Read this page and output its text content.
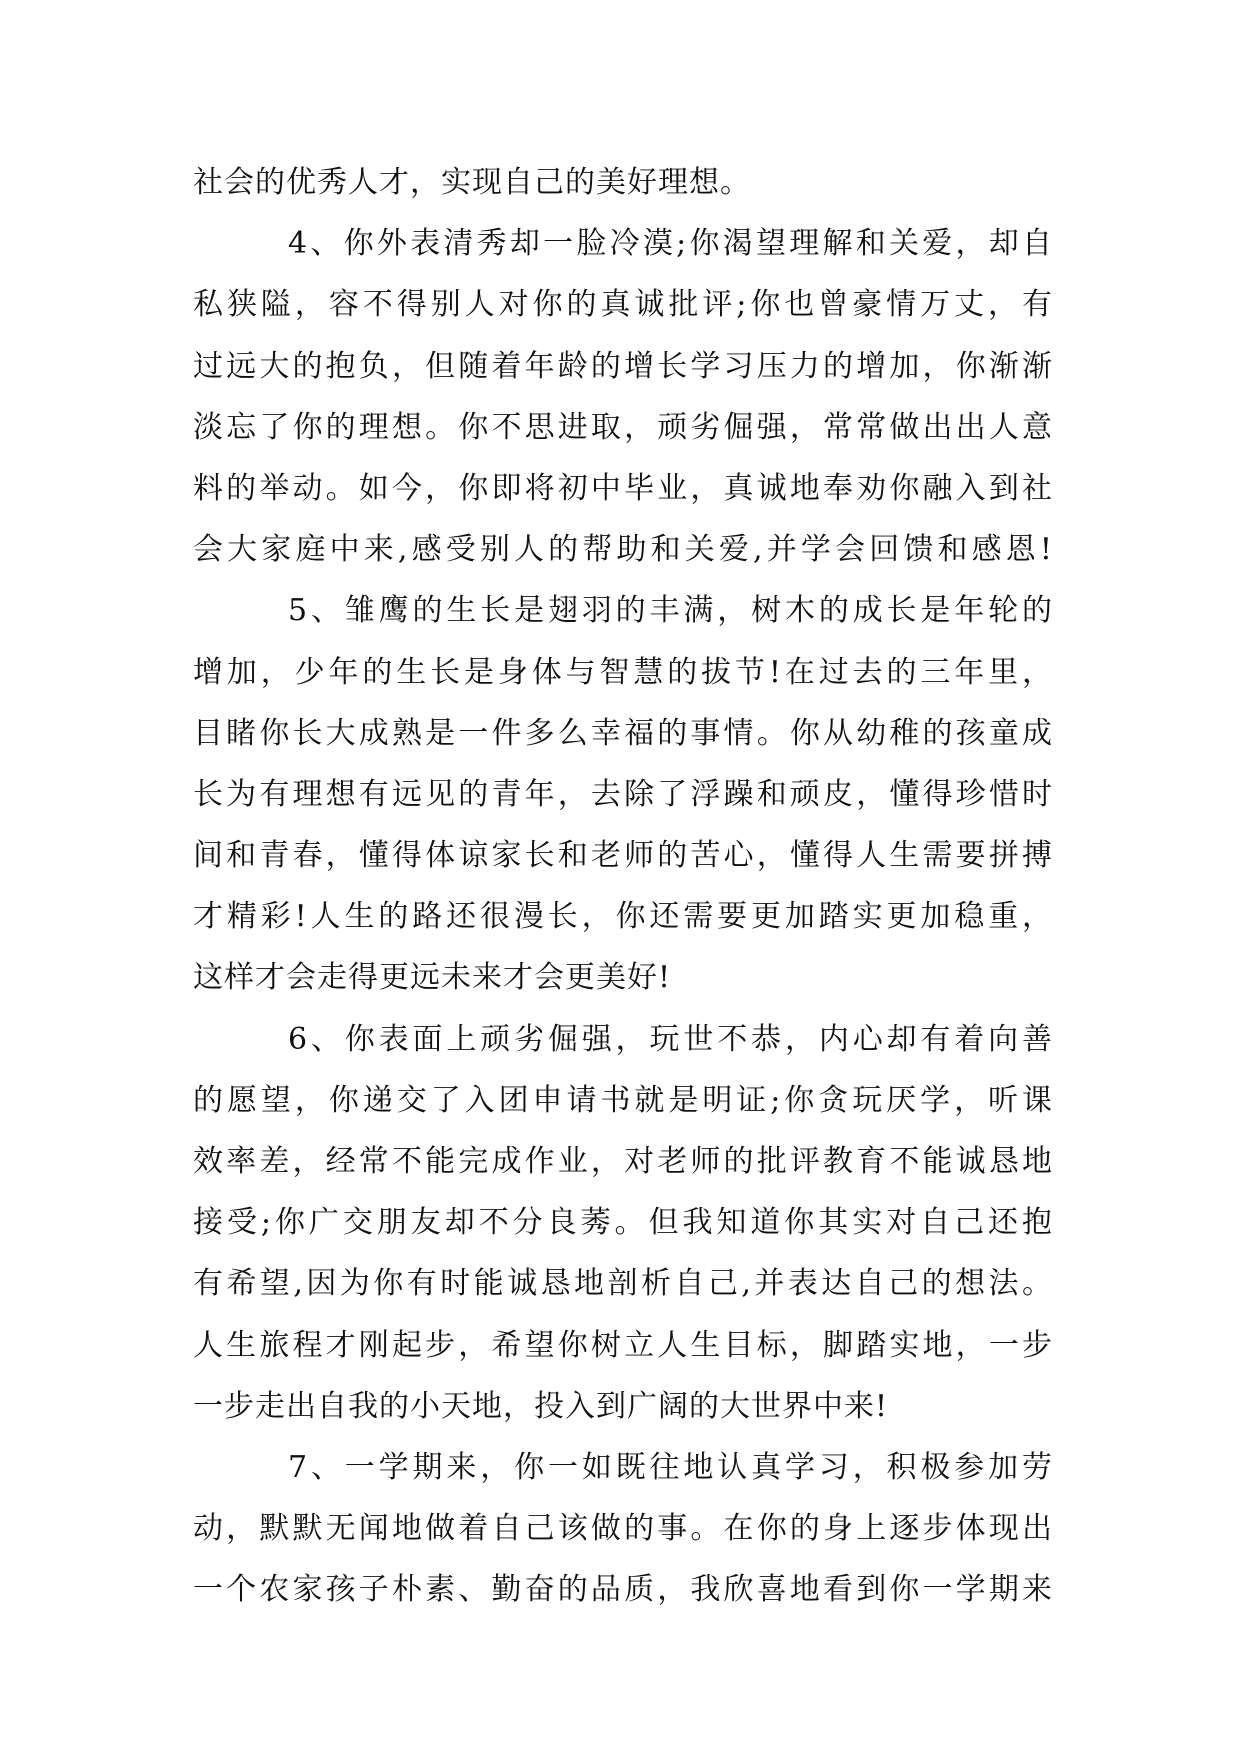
社会的优秀人才，实现自己的美好理想。
4、你外表清秀却一脸冷漠;你渴望理解和关爱，却自
私狭隘，容不得别人对你的真诚批评;你也曾豪情万丈，有
过远大的抱负，但随着年龄的增长学习压力的增加，你渐渐
淡忘了你的理想。你不思进取，顽劣倔强，常常做出出人意
料的举动。如今，你即将初中毕业，真诚地奉劝你融入到社
会大家庭中来,感受别人的帮助和关爱,并学会回馈和感恩!
5、雏鹰的生长是翅羽的丰满，树木的成长是年轮的
增加，少年的生长是身体与智慧的拔节!在过去的三年里，
目睹你长大成熟是一件多么幸福的事情。你从幼稚的孩童成
长为有理想有远见的青年，去除了浮躁和顽皮，懂得珍惜时
间和青春，懂得体谅家长和老师的苦心，懂得人生需要拼搏
才精彩!人生的路还很漫长，你还需要更加踏实更加稳重，
这样才会走得更远未来才会更美好!
6、你表面上顽劣倔强，玩世不恭，内心却有着向善
的愿望，你递交了入团申请书就是明证;你贪玩厌学，听课
效率差，经常不能完成作业，对老师的批评教育不能诚恳地
接受;你广交朋友却不分良莠。但我知道你其实对自己还抱
有希望,因为你有时能诚恳地剖析自己,并表达自己的想法。
人生旅程才刚起步，希望你树立人生目标，脚踏实地，一步
一步走出自我的小天地，投入到广阔的大世界中来!
7、一学期来，你一如既往地认真学习，积极参加劳
动，默默无闻地做着自己该做的事。在你的身上逐步体现出
一个农家孩子朴素、勤奋的品质，我欣喜地看到你一学期来
